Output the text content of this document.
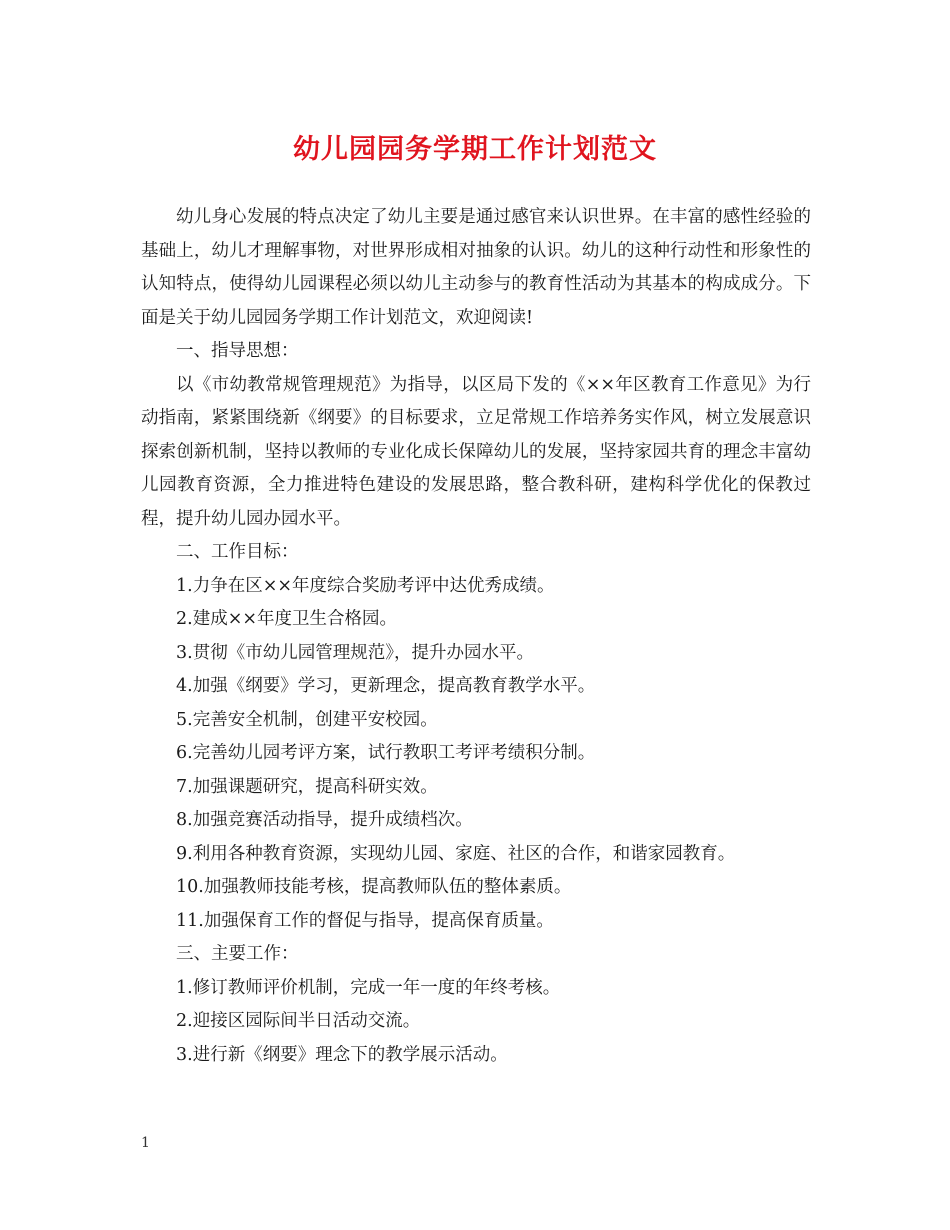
幼儿园园务学期工作计划范文

幼儿身心发展的特点决定了幼儿主要是通过感官来认识世界。在丰富的感性经验的基础上，幼儿才理解事物，对世界形成相对抽象的认识。幼儿的这种行动性和形象性的认知特点，使得幼儿园课程必须以幼儿主动参与的教育性活动为其基本的构成成分。下面是关于幼儿园园务学期工作计划范文，欢迎阅读!

一、指导思想：

以《市幼教常规管理规范》为指导，以区局下发的《××年区教育工作意见》为行动指南，紧紧围绕新《纲要》的目标要求，立足常规工作培养务实作风，树立发展意识探索创新机制，坚持以教师的专业化成长保障幼儿的发展，坚持家园共育的理念丰富幼儿园教育资源，全力推进特色建设的发展思路，整合教科研，建构科学优化的保教过程，提升幼儿园办园水平。

二、工作目标：

1.力争在区××年度综合奖励考评中达优秀成绩。

2.建成××年度卫生合格园。

3.贯彻《市幼儿园管理规范》，提升办园水平。

4.加强《纲要》学习，更新理念，提高教育教学水平。

5.完善安全机制，创建平安校园。

6.完善幼儿园考评方案，试行教职工考评考绩积分制。

7.加强课题研究，提高科研实效。

8.加强竞赛活动指导，提升成绩档次。

9.利用各种教育资源，实现幼儿园、家庭、社区的合作，和谐家园教育。

10.加强教师技能考核，提高教师队伍的整体素质。

11.加强保育工作的督促与指导，提高保育质量。

三、主要工作：

1.修订教师评价机制，完成一年一度的年终考核。

2.迎接区园际间半日活动交流。

3.进行新《纲要》理念下的教学展示活动。

1
